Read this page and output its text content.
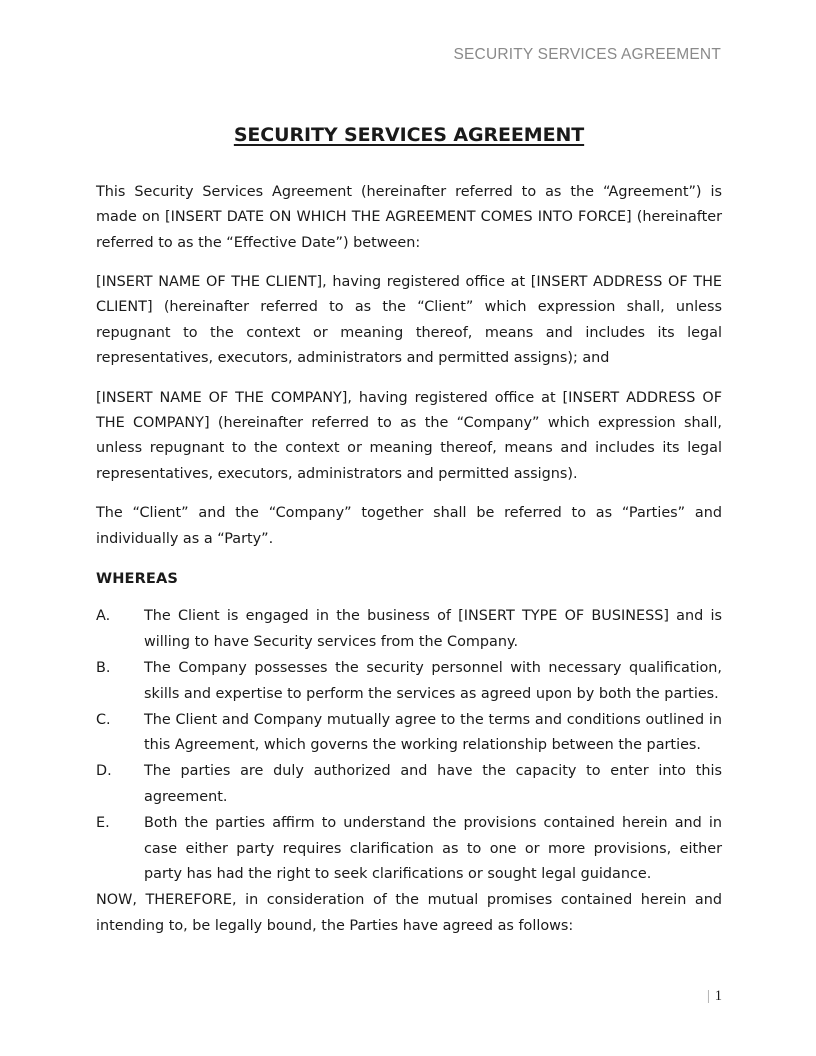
SECURITY SERVICES AGREEMENT
SECURITY SERVICES AGREEMENT

This Security Services Agreement (hereinafter referred to as the “Agreement”) is made on [INSERT DATE ON WHICH THE AGREEMENT COMES INTO FORCE] (hereinafter referred to as the “Effective Date”) between:

[INSERT NAME OF THE CLIENT], having registered office at [INSERT ADDRESS OF THE CLIENT] (hereinafter referred to as the “Client” which expression shall, unless repugnant to the context or meaning thereof, means and includes its legal representatives, executors, administrators and permitted assigns); and

[INSERT NAME OF THE COMPANY], having registered office at [INSERT ADDRESS OF THE COMPANY] (hereinafter referred to as the “Company” which expression shall, unless repugnant to the context or meaning thereof, means and includes its legal representatives, executors, administrators and permitted assigns).

The “Client” and the “Company” together shall be referred to as “Parties” and individually as a “Party”.

WHEREAS
A.	The Client is engaged in the business of [INSERT TYPE OF BUSINESS] and is willing to have Security services from the Company.
B.	The Company possesses the security personnel with necessary qualification, skills and expertise to perform the services as agreed upon by both the parties.
C.	The Client and Company mutually agree to the terms and conditions outlined in this Agreement, which governs the working relationship between the parties.
D.	The parties are duly authorized and have the capacity to enter into this agreement.
E.	Both the parties affirm to understand the provisions contained herein and in case either party requires clarification as to one or more provisions, either party has had the right to seek clarifications or sought legal guidance.

NOW, THEREFORE, in consideration of the mutual promises contained herein and intending to, be legally bound, the Parties have agreed as follows:

| 1
